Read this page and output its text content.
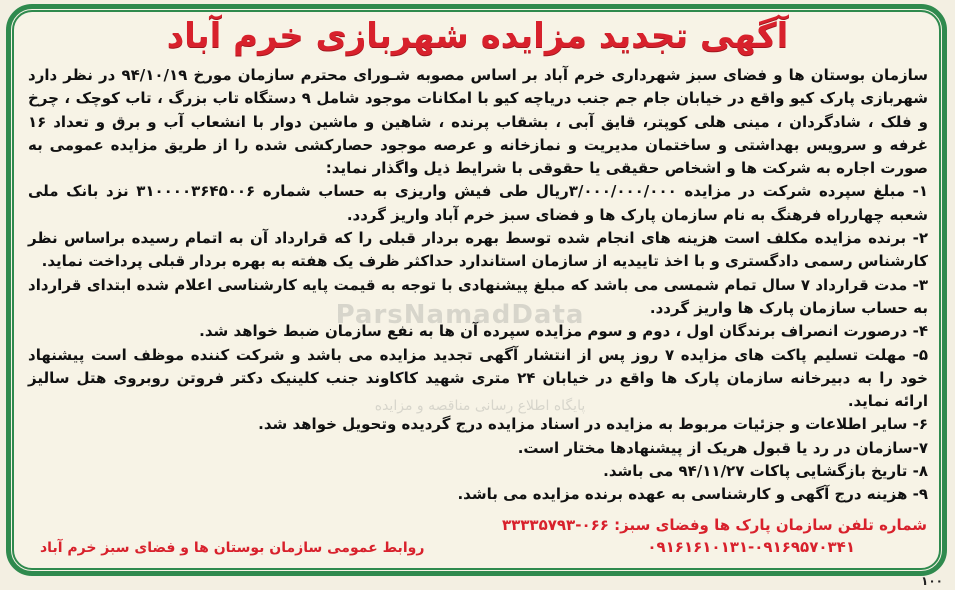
ParsNamadData
پایگاه اطلاع رسانی مناقصه و مزایده
آگهی تجدید مزایده شهربازی خرم آباد

سازمان بوستان ها و فضای سبز شهرداری خرم آباد بر اساس مصوبه شـورای محترم سازمان مورخ ۹۴/۱۰/۱۹ در نظر دارد شهربازی پارک کیو واقع در خیابان جام جم جنب دریاچه کیو با امکانات موجود شامل ۹ دستگاه تاب بزرگ ، تاب کوچک ، چرخ و فلک ، شادگردان ، مینی هلی کوپتر، قایق آبی ، بشقاب پرنده ، شاهین و ماشین دوار با انشعاب آب و برق و تعداد ۱۶ غرفه و سرویس بهداشتی و ساختمان مدیریت و نمازخانه و عرصه موجود حصارکشی شده را از طریق مزایده عمومی به صورت اجاره به شرکت ها و اشخاص حقیقی یا حقوقی با شرایط ذیل واگذار نماید:

۱- مبلغ سپرده شرکت در مزایده ۳/۰۰۰/۰۰۰/۰۰۰ریال طی فیش واریزی به حساب شماره ۳۱۰۰۰۰۳۶۴۵۰۰۶ نزد بانک ملی شعبه چهارراه فرهنگ به نام سازمان پارک ها و فضای سبز خرم آباد واریز گردد.

۲- برنده مزایده مکلف است هزینه های انجام شده توسط بهره بردار قبلی را که قرارداد آن به اتمام رسیده براساس نظر کارشناس رسمی دادگستری و با اخذ تاییدیه از سازمان استاندارد حداکثر ظرف یک هفته به بهره بردار قبلی پرداخت نماید.

۳- مدت قرارداد ۷ سال تمام شمسی می باشد که مبلغ پیشنهادی با توجه به قیمت پایه کارشناسی اعلام شده ابتدای قرارداد به حساب سازمان پارک ها واریز گردد.

۴- درصورت انصراف برندگان اول ، دوم و سوم مزایده سپرده آن ها به نفع سازمان ضبط خواهد شد.

۵- مهلت تسلیم پاکت های مزایده ۷ روز پس از انتشار آگهی تجدید مزایده می باشد و شرکت کننده موظف است پیشنهاد خود را به دبیرخانه سازمان پارک ها واقع در خیابان ۲۴ متری شهید کاکاوند جنب کلینیک دکتر فروتن روبروی هتل سالیز ارائه نماید.

۶- سایر اطلاعات و جزئیات مربوط به مزایده در اسناد مزایده درج گردیده وتحویل خواهد شد.

۷-سازمان در رد یا قبول هریک از پیشنهادها مختار است.

۸- تاریخ بازگشایی پاکات ۹۴/۱۱/۲۷ می باشد.

۹- هزینه درج آگهی و کارشناسی به عهده برنده مزایده می باشد.

شماره تلفن سازمان پارک ها وفضای سبز: ۰۶۶-۳۳۳۳۵۷۹۳
۰۹۱۶۱۶۱۰۱۳۱-۰۹۱۶۹۵۷۰۳۴۱
روابط عمومی سازمان بوستان ها و فضای سبز خرم آباد
۱۰۰
